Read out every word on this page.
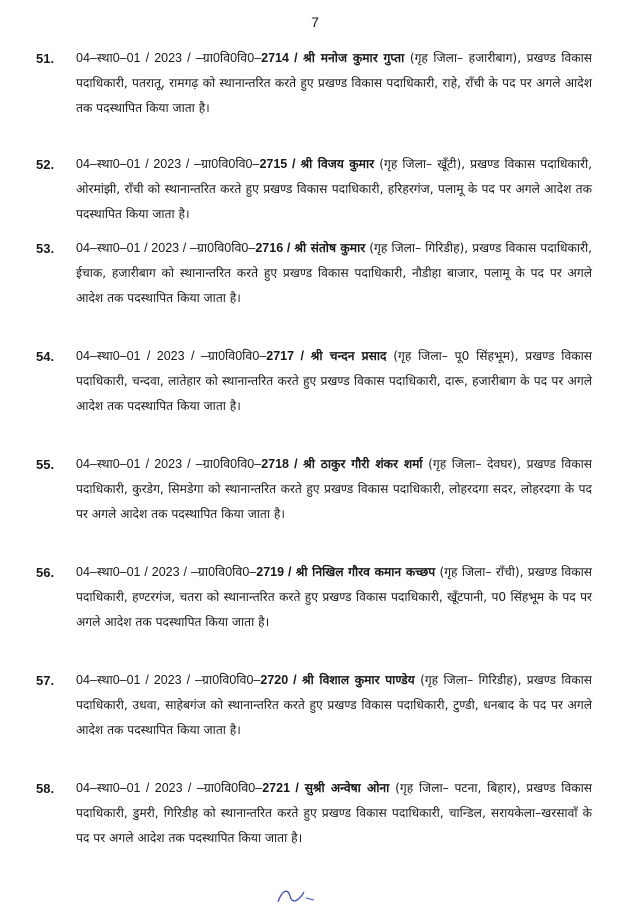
7
51.	04–स्था0–01 / 2023 / –ग्रा0वि0वि0–2714 / श्री मनोज कुमार गुप्ता (गृह जिला– हजारीबाग), प्रखण्ड विकास पदाधिकारी, पतरातू, रामगढ़ को स्थानान्तरित करते हुए प्रखण्ड विकास पदाधिकारी, राहे, राँची के पद पर अगले आदेश तक पदस्थापित किया जाता है।
52.	04–स्था0–01 / 2023 / –ग्रा0वि0वि0–2715 / श्री विजय कुमार (गृह जिला– खूँटी), प्रखण्ड विकास पदाधिकारी, ओरमांझी, राँची को स्थानान्तरित करते हुए प्रखण्ड विकास पदाधिकारी, हरिहरगंज, पलामू के पद पर अगले आदेश तक पदस्थापित किया जाता है।
53.	04–स्था0–01 / 2023 / –ग्रा0वि0वि0–2716 / श्री संतोष कुमार (गृह जिला– गिरिडीह), प्रखण्ड विकास पदाधिकारी, ईचाक, हजारीबाग को स्थानान्तरित करते हुए प्रखण्ड विकास पदाधिकारी, नौडीहा बाजार, पलामू के पद पर अगले आदेश तक पदस्थापित किया जाता है।
54.	04–स्था0–01 / 2023 / –ग्रा0वि0वि0–2717 / श्री चन्दन प्रसाद (गृह जिला– पू0 सिंहभूम), प्रखण्ड विकास पदाधिकारी, चन्दवा, लातेहार को स्थानान्तरित करते हुए प्रखण्ड विकास पदाधिकारी, दारू, हजारीबाग के पद पर अगले आदेश तक पदस्थापित किया जाता है।
55.	04–स्था0–01 / 2023 / –ग्रा0वि0वि0–2718 / श्री ठाकुर गौरी शंकर शर्मा (गृह जिला– देवघर), प्रखण्ड विकास पदाधिकारी, कुरडेग, सिमडेगा को स्थानान्तरित करते हुए प्रखण्ड विकास पदाधिकारी, लोहरदगा सदर, लोहरदगा के पद पर अगले आदेश तक पदस्थापित किया जाता है।
56.	04–स्था0–01 / 2023 / –ग्रा0वि0वि0–2719 / श्री निखिल गौरव कमान कच्छप (गृह जिला– राँची), प्रखण्ड विकास पदाधिकारी, हण्टरगंज, चतरा को स्थानान्तरित करते हुए प्रखण्ड विकास पदाधिकारी, खूँटपानी, प0 सिंहभूम के पद पर अगले आदेश तक पदस्थापित किया जाता है।
57.	04–स्था0–01 / 2023 / –ग्रा0वि0वि0–2720 / श्री विशाल कुमार पाण्डेय (गृह जिला– गिरिडीह), प्रखण्ड विकास पदाधिकारी, उधवा, साहेबगंज को स्थानान्तरित करते हुए प्रखण्ड विकास पदाधिकारी, टुण्डी, धनबाद के पद पर अगले आदेश तक पदस्थापित किया जाता है।
58.	04–स्था0–01 / 2023 / –ग्रा0वि0वि0–2721 / सुश्री अन्वेषा ओना (गृह जिला– पटना, बिहार), प्रखण्ड विकास पदाधिकारी, डुमरी, गिरिडीह को स्थानान्तरित करते हुए प्रखण्ड विकास पदाधिकारी, चान्डिल, सरायकेला–खरसावाँ के पद पर अगले आदेश तक पदस्थापित किया जाता है।
